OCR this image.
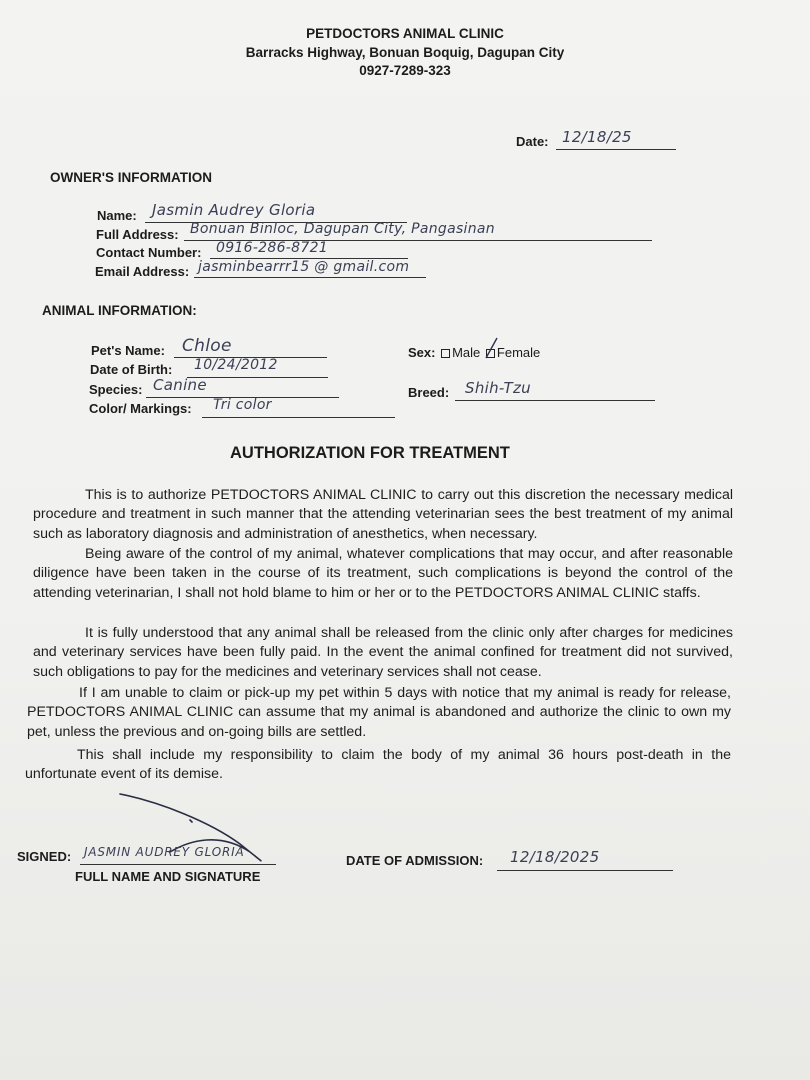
PETDOCTORS ANIMAL CLINIC
Barracks Highway, Bonuan Boquig, Dagupan City
0927-7289-323
Date: 12/18/25
OWNER'S INFORMATION
Name: Jasmin Audrey Gloria
Full Address: Bonuan Binloc, Dagupan City, Pangasinan
Contact Number: 0916-286-8721
Email Address: jasminbearrr15 @ gmail.com
ANIMAL INFORMATION:
Pet's Name: Chloe
Date of Birth: 10/24/2012
Species: Canine
Color/ Markings: Tri color
Sex: Male Female
Breed: Shih-Tzu
AUTHORIZATION FOR TREATMENT
This is to authorize PETDOCTORS ANIMAL CLINIC to carry out this discretion the necessary medical procedure and treatment in such manner that the attending veterinarian sees the best treatment of my animal such as laboratory diagnosis and administration of anesthetics, when necessary.
Being aware of the control of my animal, whatever complications that may occur, and after reasonable diligence have been taken in the course of its treatment, such complications is beyond the control of the attending veterinarian, I shall not hold blame to him or her or to the PETDOCTORS ANIMAL CLINIC staffs.
It is fully understood that any animal shall be released from the clinic only after charges for medicines and veterinary services have been fully paid. In the event the animal confined for treatment did not survived, such obligations to pay for the medicines and veterinary services shall not cease.
If I am unable to claim or pick-up my pet within 5 days with notice that my animal is ready for release, PETDOCTORS ANIMAL CLINIC can assume that my animal is abandoned and authorize the clinic to own my pet, unless the previous and on-going bills are settled.
This shall include my responsibility to claim the body of my animal 36 hours post-death in the unfortunate event of its demise.
SIGNED: JASMIN AUDREY GLORIA
FULL NAME AND SIGNATURE
DATE OF ADMISSION: 12/18/2025
